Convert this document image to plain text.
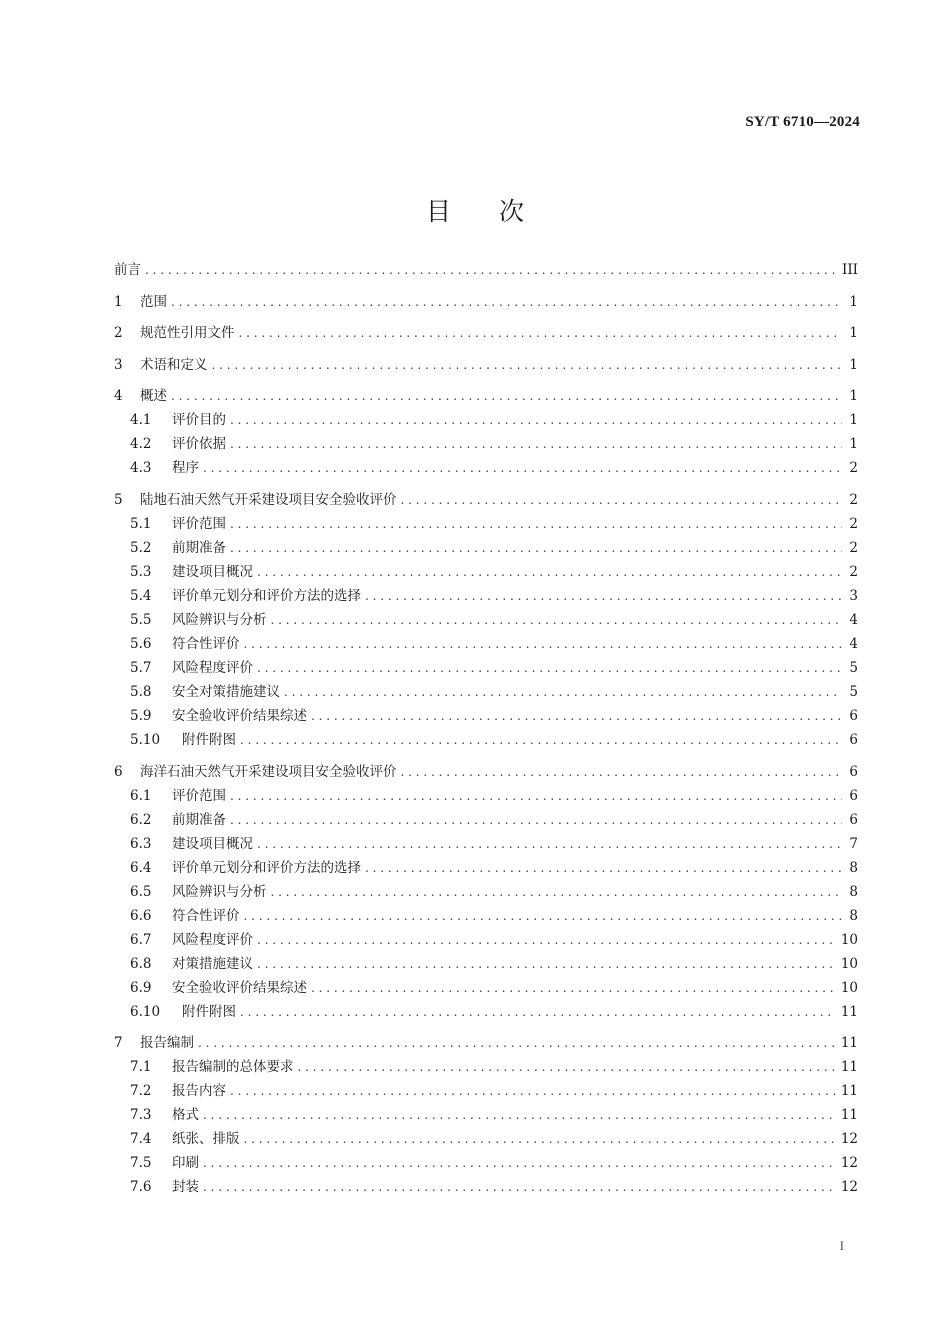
SY/T 6710—2024
目 次
前言 . . .	III
1	范围 . . .	1
2	规范性引用文件 . . .	1
3	术语和定义 . . .	1
4	概述 . . .	1
4.1	评价目的 . . .	1
4.2	评价依据 . . .	1
4.3	程序 . . .	2
5	陆地石油天然气开采建设项目安全验收评价 . . .	2
5.1	评价范围 . . .	2
5.2	前期准备 . . .	2
5.3	建设项目概况 . . .	2
5.4	评价单元划分和评价方法的选择 . . .	3
5.5	风险辨识与分析 . . .	4
5.6	符合性评价 . . .	4
5.7	风险程度评价 . . .	5
5.8	安全对策措施建议 . . .	5
5.9	安全验收评价结果综述 . . .	6
5.10	附件附图 . . .	6
6	海洋石油天然气开采建设项目安全验收评价 . . .	6
6.1	评价范围 . . .	6
6.2	前期准备 . . .	6
6.3	建设项目概况 . . .	7
6.4	评价单元划分和评价方法的选择 . . .	8
6.5	风险辨识与分析 . . .	8
6.6	符合性评价 . . .	8
6.7	风险程度评价 . . .	10
6.8	对策措施建议 . . .	10
6.9	安全验收评价结果综述 . . .	10
6.10	附件附图 . . .	11
7	报告编制 . . .	11
7.1	报告编制的总体要求 . . .	11
7.2	报告内容 . . .	11
7.3	格式 . . .	11
7.4	纸张、排版 . . .	12
7.5	印刷 . . .	12
7.6	封装 . . .	12
I
